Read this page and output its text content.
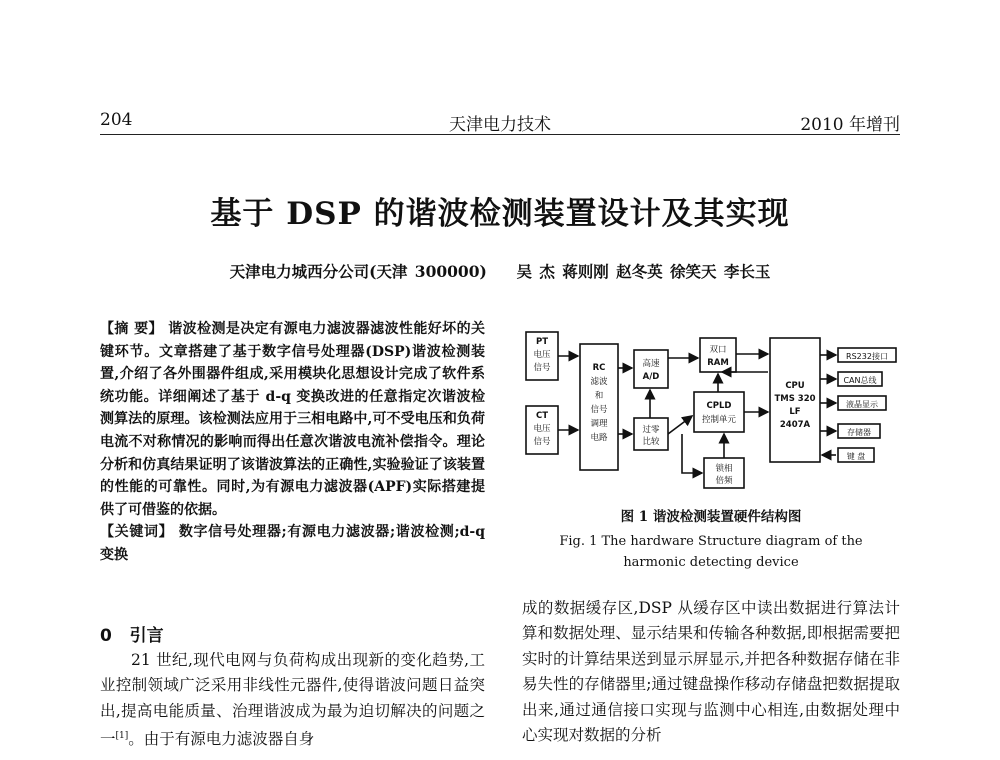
204	天津电力技术	2010 年增刊
基于 DSP 的谐波检测装置设计及其实现
天津电力城西分公司(天津 300000) 吴 杰 蒋则刚 赵冬英 徐笑天 李长玉
【摘 要】 谐波检测是决定有源电力滤波器滤波性能好坏的关键环节。文章搭建了基于数字信号处理器(DSP)谐波检测装置,介绍了各外围器件组成,采用模块化思想设计完成了软件系统功能。详细阐述了基于 d-q 变换改进的任意指定次谐波检测算法的原理。该检测法应用于三相电路中,可不受电压和负荷电流不对称情况的影响而得出任意次谐波电流补偿指令。理论分析和仿真结果证明了该谐波算法的正确性,实验验证了该装置的性能的可靠性。同时,为有源电力滤波器(APF)实际搭建提供了可借鉴的依据。
【关键词】 数字信号处理器;有源电力滤波器;谐波检测;d-q 变换
0 引言
21 世纪,现代电网与负荷构成出现新的变化趋势,工业控制领域广泛采用非线性元器件,使得谐波问题日益突出,提高电能质量、治理谐波成为最为迫切解决的问题之一[1]。由于有源电力滤波器自身
成的数据缓存区,DSP 从缓存区中读出数据进行算法计算和数据处理、显示结果和传输各种数据,即根据需要把实时的计算结果送到显示屏显示,并把各种数据存储在非易失性的存储器里;通过键盘操作移动存储盘把数据提取出来,通过通信接口实现与监测中心相连,由数据处理中心实现对数据的分析
PT
电压
信号
CT
电压
信号
RC
滤波
和
信号
调理
电路
高速
A/D
双口
RAM
CPU
TMS 320
LF
2407A
CPLD
控制单元
过零
比较
锁相
倍频
RS232接口
CAN总线
液晶显示
存储器
键 盘
图 1 谐波检测装置硬件结构图
Fig. 1 The hardware Structure diagram of the
harmonic detecting device
